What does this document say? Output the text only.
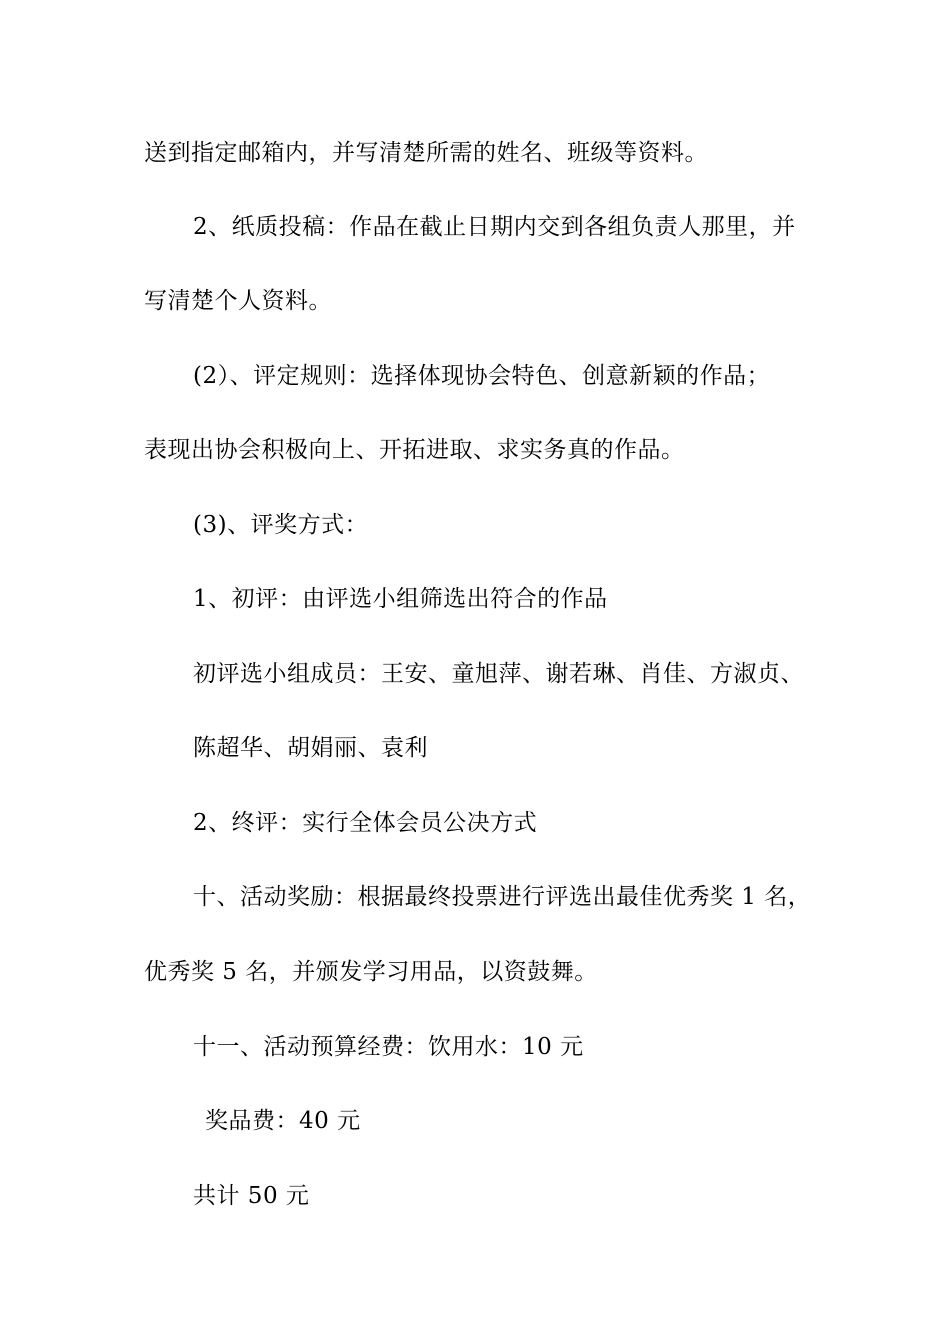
送到指定邮箱内，并写清楚所需的姓名、班级等资料。
2、纸质投稿：作品在截止日期内交到各组负责人那里，并
写清楚个人资料。
(2）、评定规则：选择体现协会特色、创意新颖的作品；
表现出协会积极向上、开拓进取、求实务真的作品。
(3)、评奖方式：
1、初评：由评选小组筛选出符合的作品
初评选小组成员：王安、童旭萍、谢若琳、肖佳、方淑贞、
陈超华、胡娟丽、袁利
2、终评：实行全体会员公决方式
十、活动奖励：根据最终投票进行评选出最佳优秀奖 1 名，
优秀奖 5 名，并颁发学习用品，以资鼓舞。
十一、活动预算经费：饮用水：10 元
奖品费：40 元
共计 50 元
